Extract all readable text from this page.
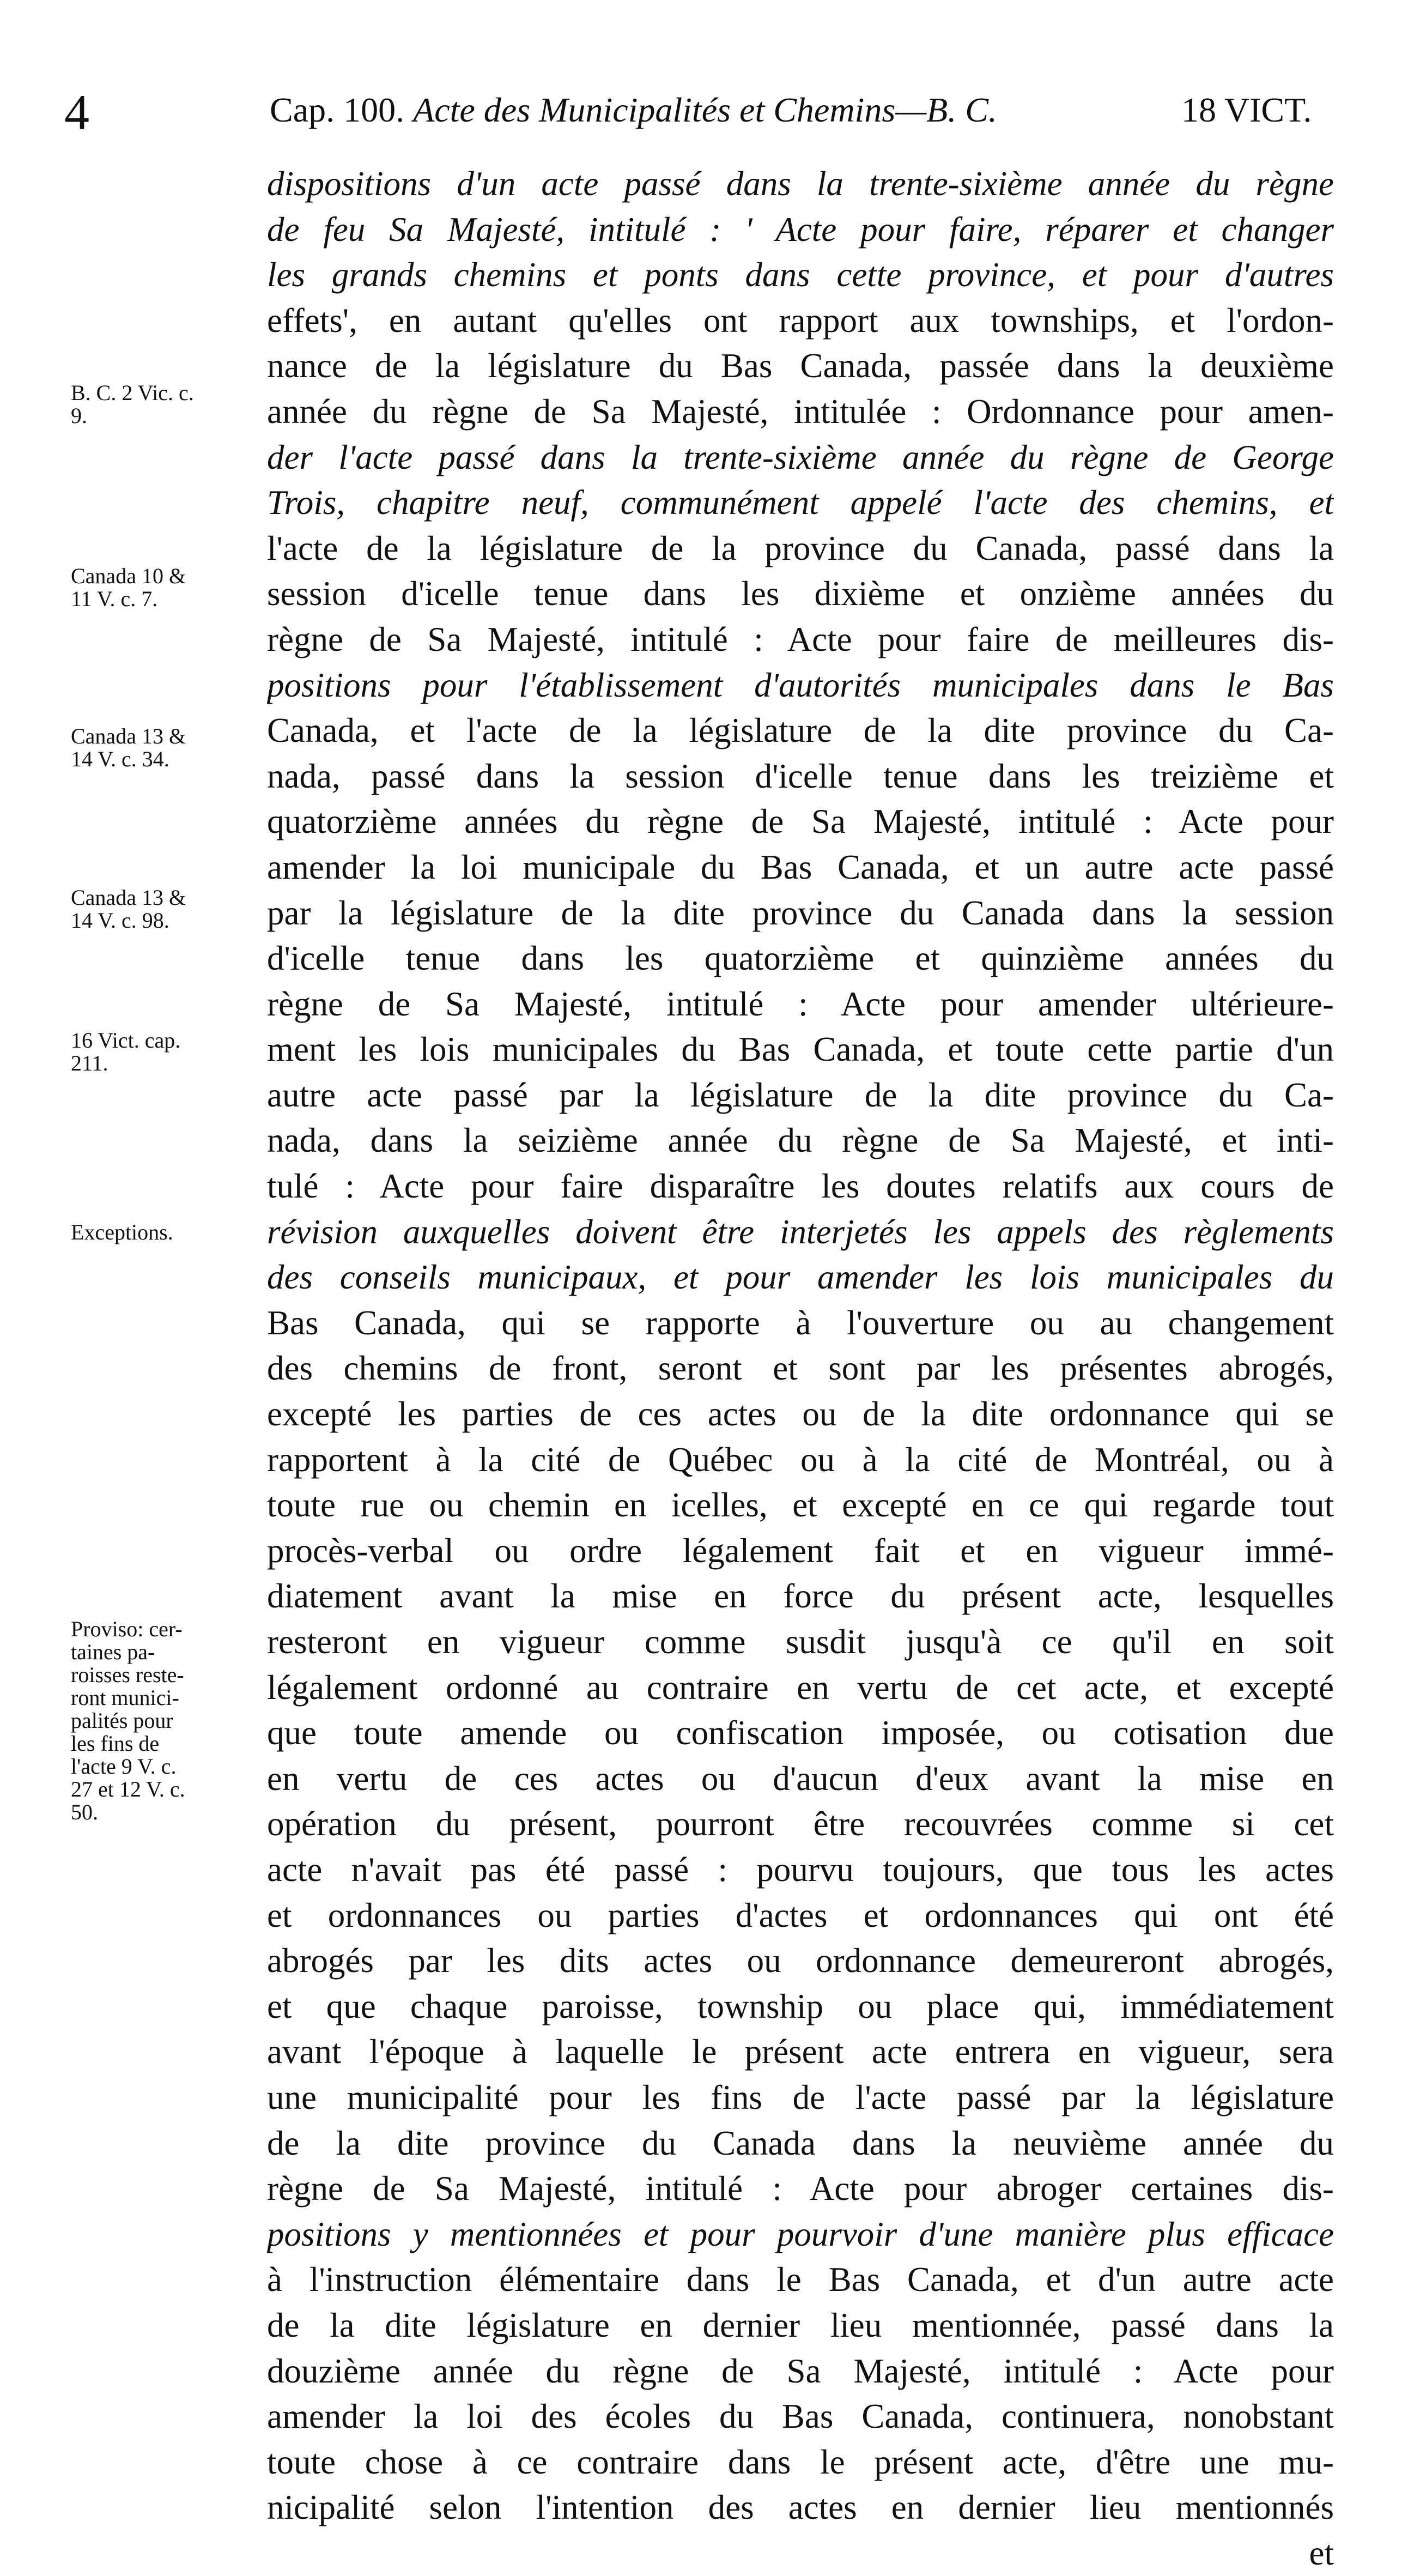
4	Cap. 100. Acte des Municipalités et Chemins—B. C.	18 VICT.
B. C. 2 Vic. c.
9.
Canada 10 &
11 V. c. 7.
Canada 13 &
14 V. c. 34.
Canada 13 &
14 V. c. 98.
16 Vict. cap.
211.
Exceptions.
Proviso: cer-
taines pa-
roisses reste-
ront munici-
palités pour
les fins de
l'acte 9 V. c.
27 et 12 V. c.
50.
dispositions d'un acte passé dans la trente-sixième année du règne
de feu Sa Majesté, intitulé : ' Acte pour faire, réparer et changer
les grands chemins et ponts dans cette province, et pour d'autres
effets', en autant qu'elles ont rapport aux townships, et l'ordon-
nance de la législature du Bas Canada, passée dans la deuxième
année du règne de Sa Majesté, intitulée : Ordonnance pour amen-
der l'acte passé dans la trente-sixième année du règne de George
Trois, chapitre neuf, communément appelé l'acte des chemins, et
l'acte de la législature de la province du Canada, passé dans la
session d'icelle tenue dans les dixième et onzième années du
règne de Sa Majesté, intitulé : Acte pour faire de meilleures dis-
positions pour l'établissement d'autorités municipales dans le Bas
Canada, et l'acte de la législature de la dite province du Ca-
nada, passé dans la session d'icelle tenue dans les treizième et
quatorzième années du règne de Sa Majesté, intitulé : Acte pour
amender la loi municipale du Bas Canada, et un autre acte passé
par la législature de la dite province du Canada dans la session
d'icelle tenue dans les quatorzième et quinzième années du
règne de Sa Majesté, intitulé : Acte pour amender ultérieure-
ment les lois municipales du Bas Canada, et toute cette partie d'un
autre acte passé par la législature de la dite province du Ca-
nada, dans la seizième année du règne de Sa Majesté, et inti-
tulé : Acte pour faire disparaître les doutes relatifs aux cours de
révision auxquelles doivent être interjetés les appels des règlements
des conseils municipaux, et pour amender les lois municipales du
Bas Canada, qui se rapporte à l'ouverture ou au changement
des chemins de front, seront et sont par les présentes abrogés,
excepté les parties de ces actes ou de la dite ordonnance qui se
rapportent à la cité de Québec ou à la cité de Montréal, ou à
toute rue ou chemin en icelles, et excepté en ce qui regarde tout
procès-verbal ou ordre légalement fait et en vigueur immé-
diatement avant la mise en force du présent acte, lesquelles
resteront en vigueur comme susdit jusqu'à ce qu'il en soit
légalement ordonné au contraire en vertu de cet acte, et excepté
que toute amende ou confiscation imposée, ou cotisation due
en vertu de ces actes ou d'aucun d'eux avant la mise en
opération du présent, pourront être recouvrées comme si cet
acte n'avait pas été passé : pourvu toujours, que tous les actes
et ordonnances ou parties d'actes et ordonnances qui ont été
abrogés par les dits actes ou ordonnance demeureront abrogés,
et que chaque paroisse, township ou place qui, immédiatement
avant l'époque à laquelle le présent acte entrera en vigueur, sera
une municipalité pour les fins de l'acte passé par la législature
de la dite province du Canada dans la neuvième année du
règne de Sa Majesté, intitulé : Acte pour abroger certaines dis-
positions y mentionnées et pour pourvoir d'une manière plus efficace
à l'instruction élémentaire dans le Bas Canada, et d'un autre acte
de la dite législature en dernier lieu mentionnée, passé dans la
douzième année du règne de Sa Majesté, intitulé : Acte pour
amender la loi des écoles du Bas Canada, continuera, nonobstant
toute chose à ce contraire dans le présent acte, d'être une mu-
nicipalité selon l'intention des actes en dernier lieu mentionnés
et
